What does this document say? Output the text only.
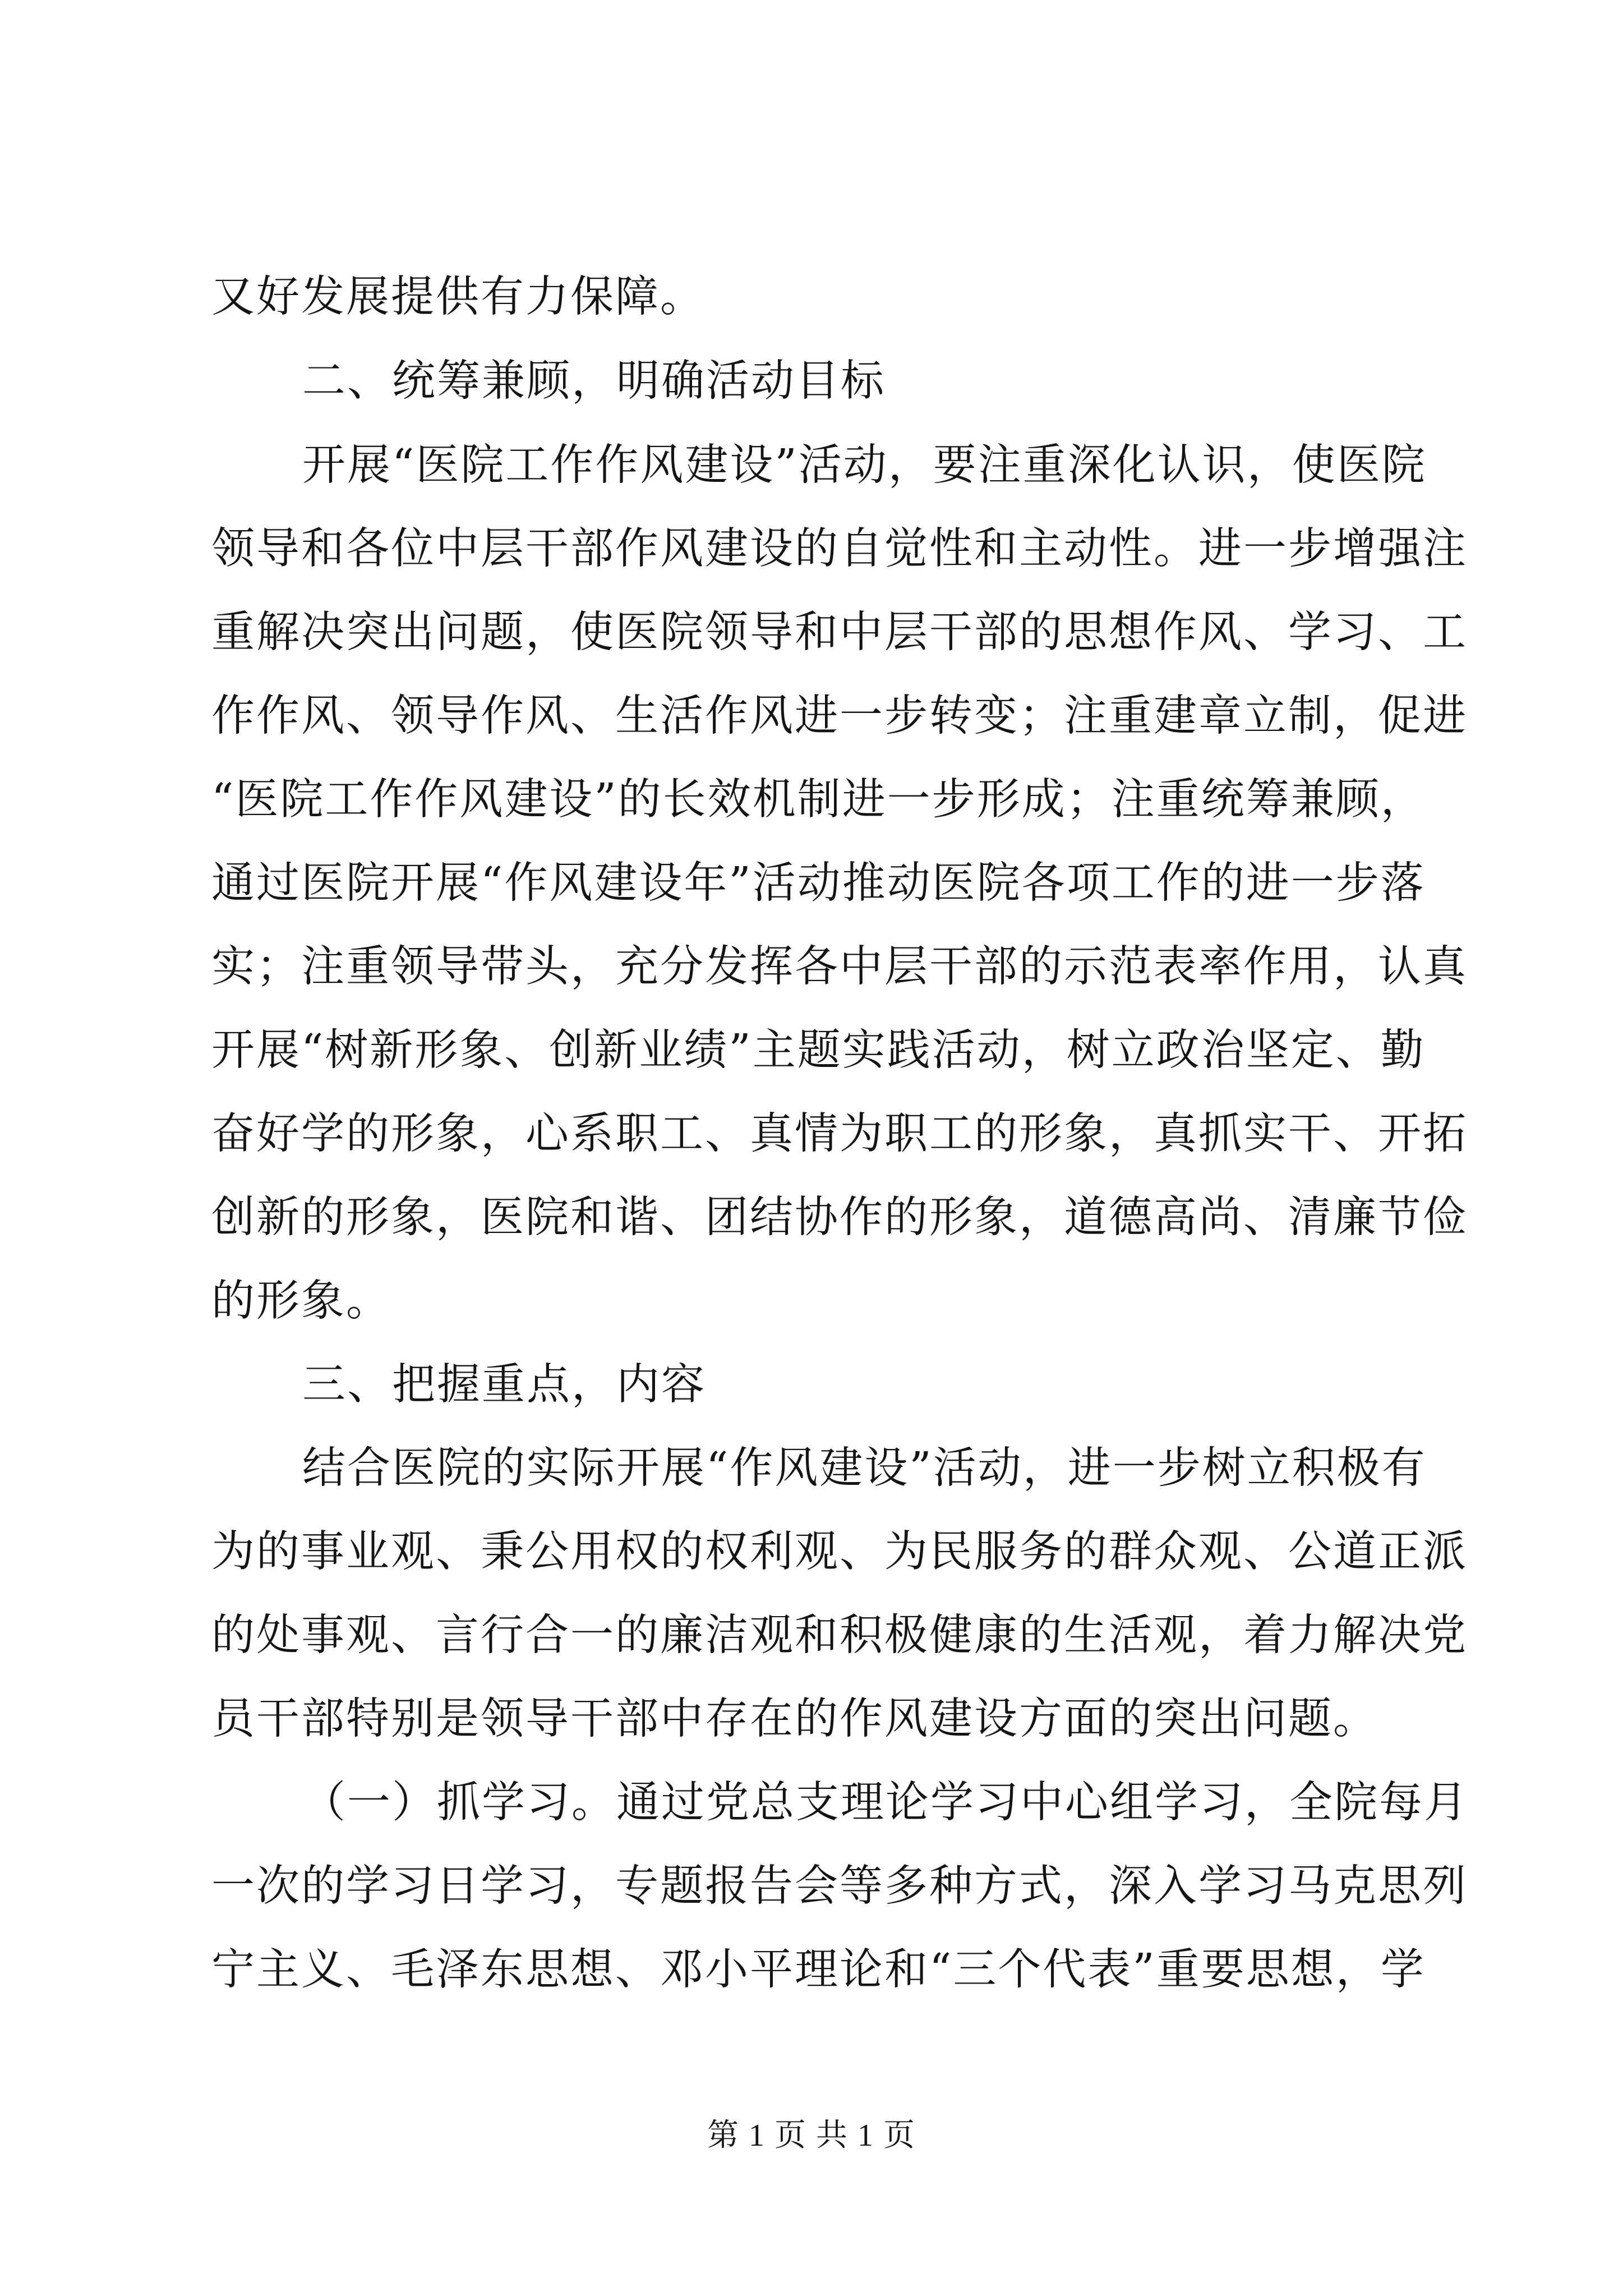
又好发展提供有力保障。

二、统筹兼顾，明确活动目标

开展“医院工作作风建设”活动，要注重深化认识，使医院

领导和各位中层干部作风建设的自觉性和主动性。进一步增强注

重解决突出问题，使医院领导和中层干部的思想作风、学习、工

作作风、领导作风、生活作风进一步转变；注重建章立制，促进

“医院工作作风建设”的长效机制进一步形成；注重统筹兼顾，

通过医院开展“作风建设年”活动推动医院各项工作的进一步落

实；注重领导带头，充分发挥各中层干部的示范表率作用，认真

开展“树新形象、创新业绩”主题实践活动，树立政治坚定、勤

奋好学的形象，心系职工、真情为职工的形象，真抓实干、开拓

创新的形象，医院和谐、团结协作的形象，道德高尚、清廉节俭

的形象。

三、把握重点，内容

结合医院的实际开展“作风建设”活动，进一步树立积极有

为的事业观、秉公用权的权利观、为民服务的群众观、公道正派

的处事观、言行合一的廉洁观和积极健康的生活观，着力解决党

员干部特别是领导干部中存在的作风建设方面的突出问题。

（一）抓学习。通过党总支理论学习中心组学习，全院每月

一次的学习日学习，专题报告会等多种方式，深入学习马克思列

宁主义、毛泽东思想、邓小平理论和“三个代表”重要思想，学

第 1 页 共 1 页
